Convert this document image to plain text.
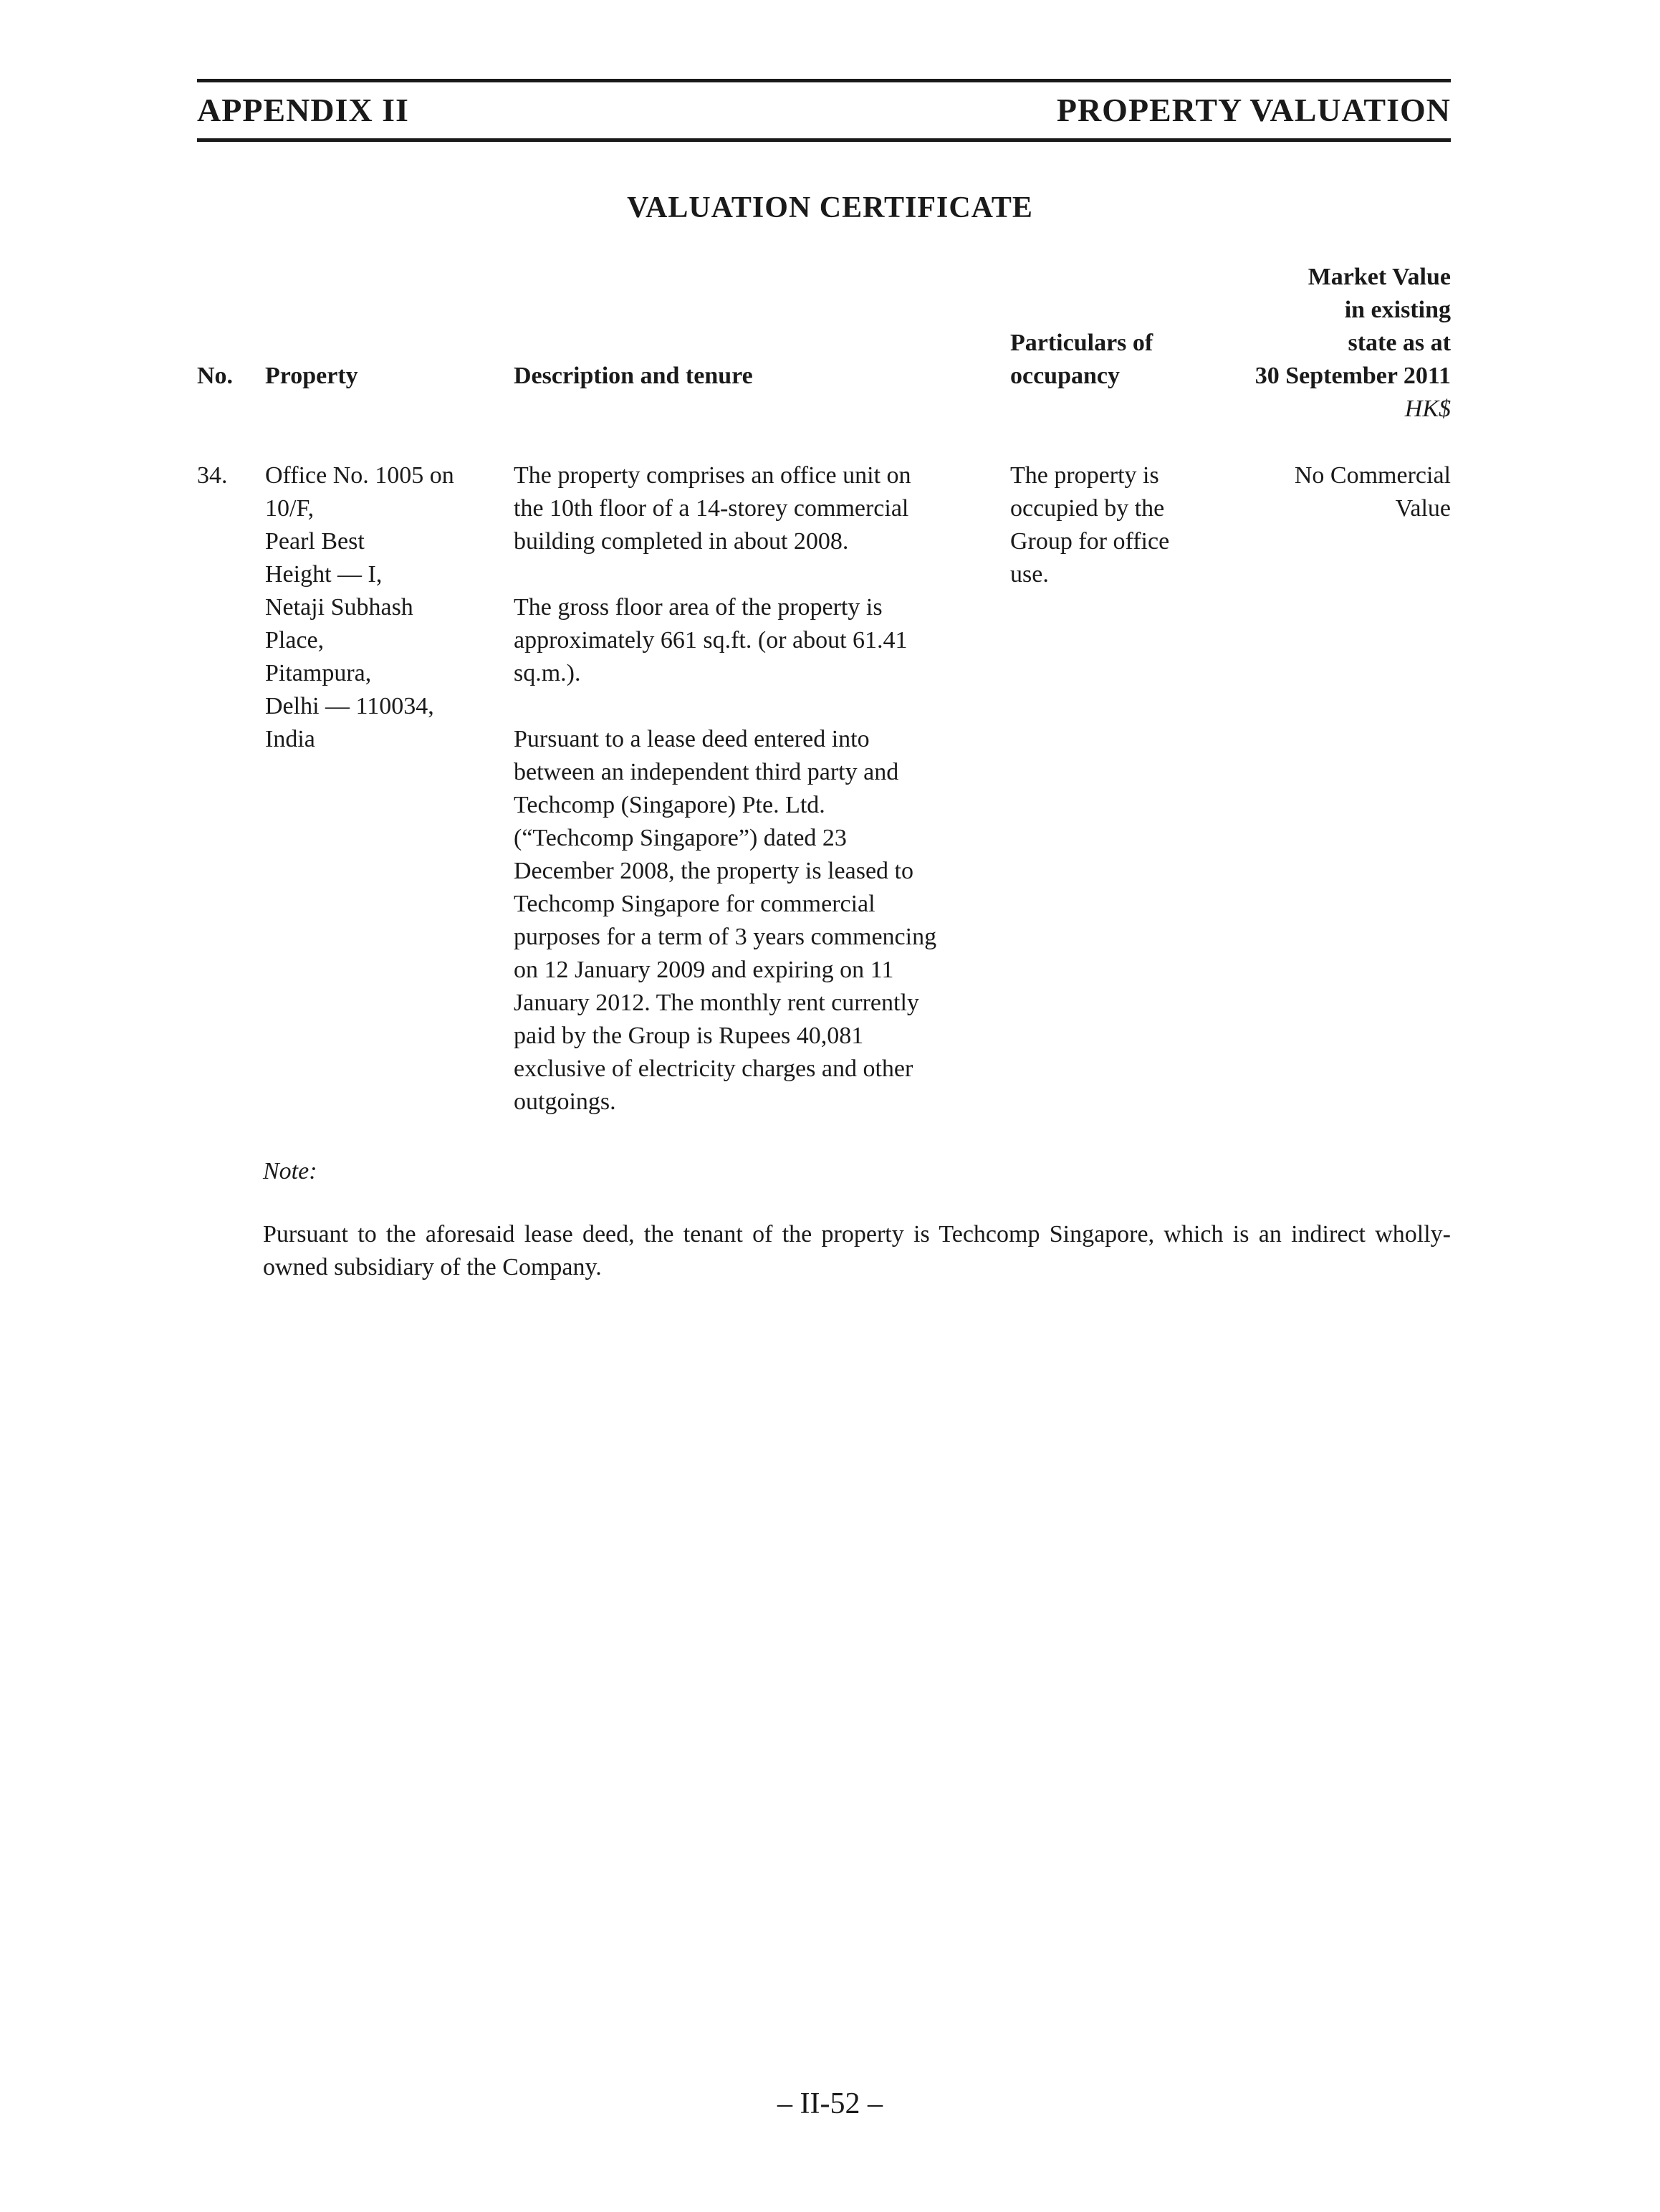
APPENDIX II	PROPERTY VALUATION
VALUATION CERTIFICATE
No. Property	Description and tenure
Particulars of
occupancy
Market Value
in existing
state as at
30 September 2011
HK$
34. Office No. 1005 on
10/F,
Pearl Best
Height — I,
Netaji Subhash
Place,
Pitampura,
Delhi — 110034,
India
The property comprises an office unit on
the 10th floor of a 14-storey commercial
building completed in about 2008.
The gross floor area of the property is
approximately 661 sq.ft. (or about 61.41
sq.m.).
Pursuant to a lease deed entered into
between an independent third party and
Techcomp (Singapore) Pte. Ltd.
(“Techcomp Singapore”) dated 23
December 2008, the property is leased to
Techcomp Singapore for commercial
purposes for a term of 3 years commencing
on 12 January 2009 and expiring on 11
January 2012. The monthly rent currently
paid by the Group is Rupees 40,081
exclusive of electricity charges and other
outgoings.
The property is
occupied by the
Group for office
use.
No Commercial
Value
Note:
Pursuant to the aforesaid lease deed, the tenant of the property is Techcomp Singapore, which is an indirect wholly-owned subsidiary of the Company.
– II-52 –
